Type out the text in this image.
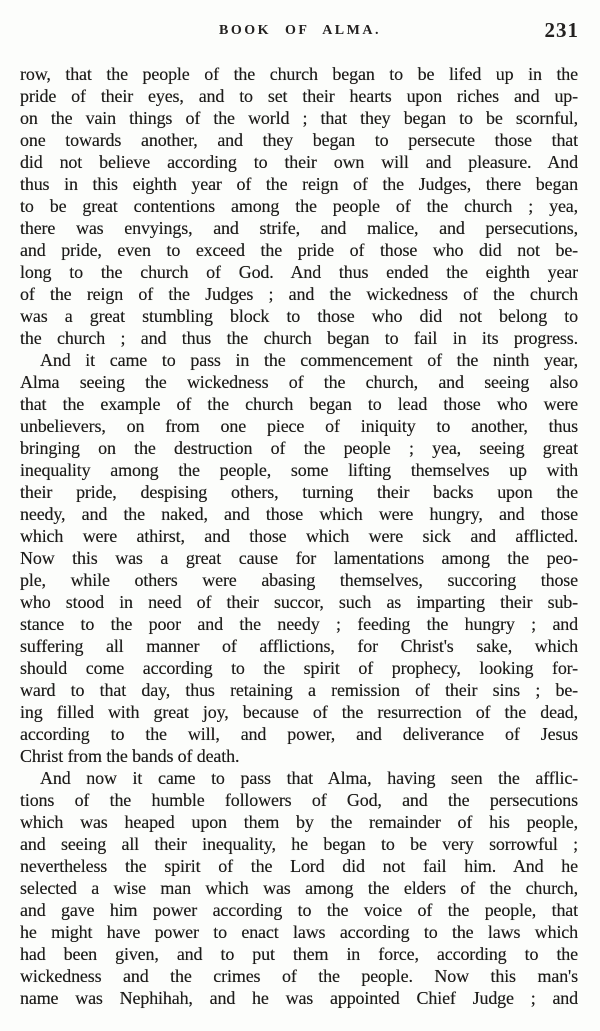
BOOK OF ALMA.	231
row, that the people of the church began to be lifed up in the
pride of their eyes, and to set their hearts upon riches and up-
on the vain things of the world ; that they began to be scornful,
one towards another, and they began to persecute those that
did not believe according to their own will and pleasure. And
thus in this eighth year of the reign of the Judges, there began
to be great contentions among the people of the church ; yea,
there was envyings, and strife, and malice, and persecutions,
and pride, even to exceed the pride of those who did not be-
long to the church of God. And thus ended the eighth year
of the reign of the Judges ; and the wickedness of the church
was a great stumbling block to those who did not belong to
the church ; and thus the church began to fail in its progress.
And it came to pass in the commencement of the ninth year,
Alma seeing the wickedness of the church, and seeing also
that the example of the church began to lead those who were
unbelievers, on from one piece of iniquity to another, thus
bringing on the destruction of the people ; yea, seeing great
inequality among the people, some lifting themselves up with
their pride, despising others, turning their backs upon the
needy, and the naked, and those which were hungry, and those
which were athirst, and those which were sick and afflicted.
Now this was a great cause for lamentations among the peo-
ple, while others were abasing themselves, succoring those
who stood in need of their succor, such as imparting their sub-
stance to the poor and the needy ; feeding the hungry ; and
suffering all manner of afflictions, for Christ's sake, which
should come according to the spirit of prophecy, looking for-
ward to that day, thus retaining a remission of their sins ; be-
ing filled with great joy, because of the resurrection of the dead,
according to the will, and power, and deliverance of Jesus
Christ from the bands of death.
And now it came to pass that Alma, having seen the afflic-
tions of the humble followers of God, and the persecutions
which was heaped upon them by the remainder of his people,
and seeing all their inequality, he began to be very sorrowful ;
nevertheless the spirit of the Lord did not fail him. And he
selected a wise man which was among the elders of the church,
and gave him power according to the voice of the people, that
he might have power to enact laws according to the laws which
had been given, and to put them in force, according to the
wickedness and the crimes of the people. Now this man's
name was Nephihah, and he was appointed Chief Judge ; and
